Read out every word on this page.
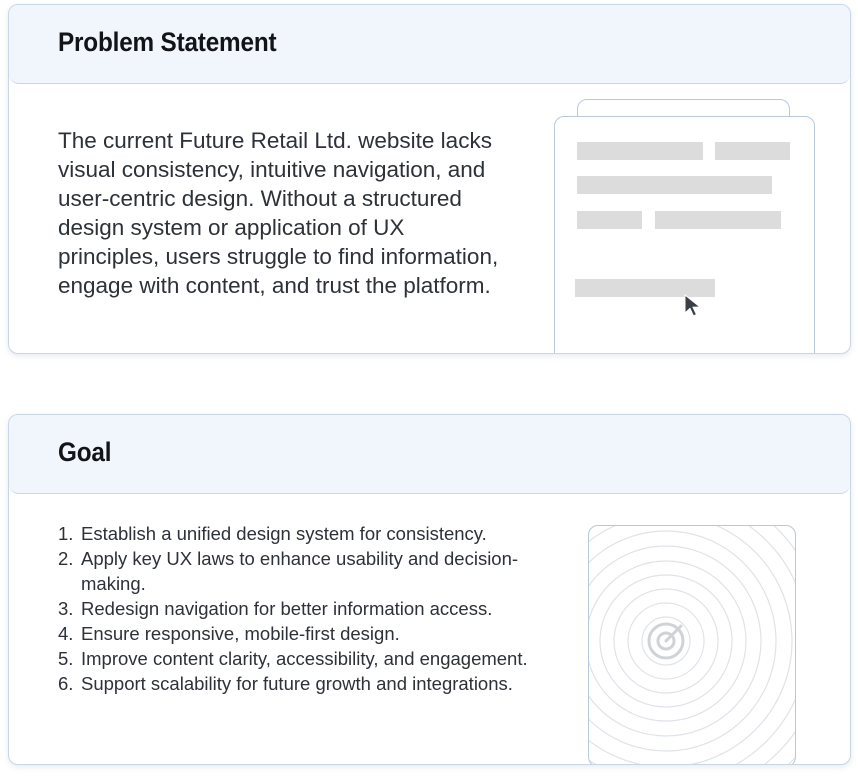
Problem Statement

The current Future Retail Ltd. website lacks visual consistency, intuitive navigation, and user-centric design. Without a structured design system or application of UX principles, users struggle to find information, engage with content, and trust the platform.

Goal
1. Establish a unified design system for consistency.
2. Apply key UX laws to enhance usability and decision-making.
3. Redesign navigation for better information access.
4. Ensure responsive, mobile-first design.
5. Improve content clarity, accessibility, and engagement.
6. Support scalability for future growth and integrations.
